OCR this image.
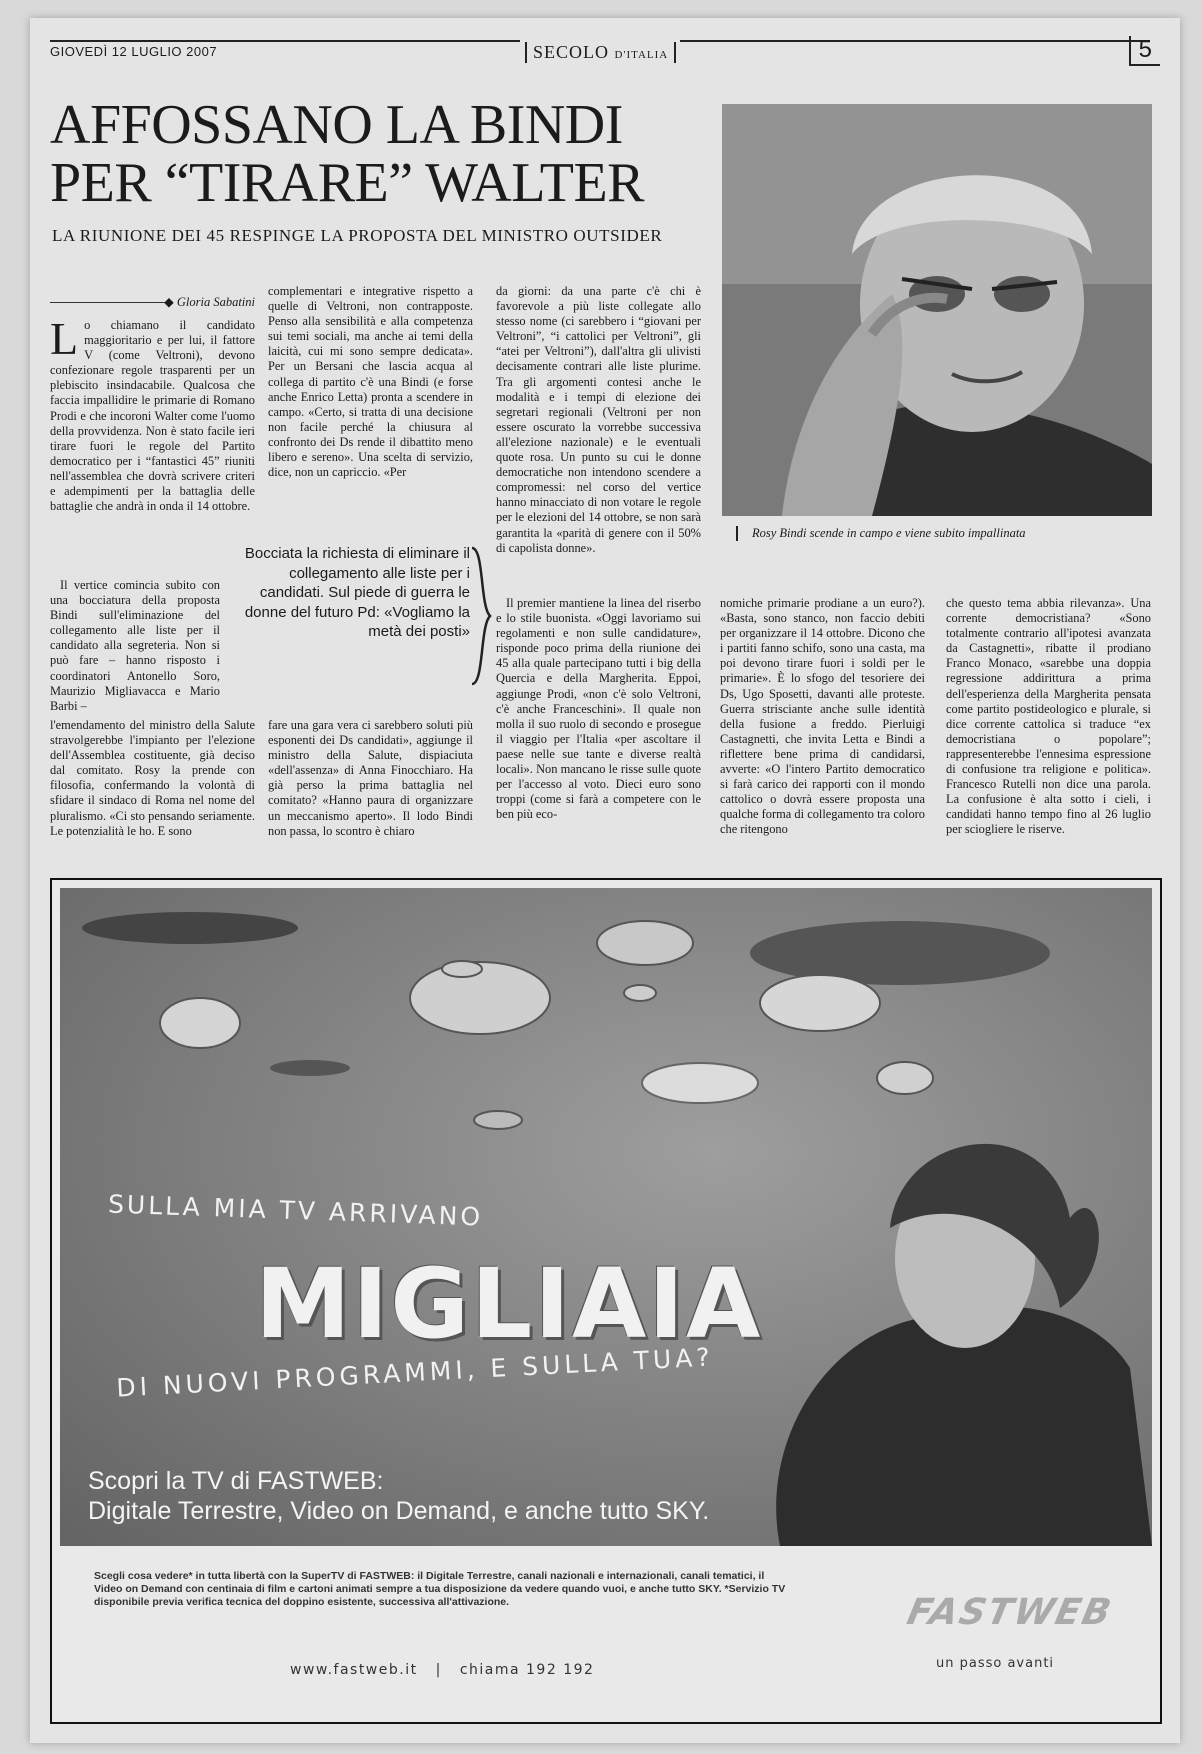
GIOVEDÌ 12 LUGLIO 2007	SECOLO D'ITALIA	5
AFFOSSANO LA BINDI
PER “TIRARE” WALTER
LA RIUNIONE DEI 45 RESPINGE LA PROPOSTA DEL MINISTRO OUTSIDER
Rosy Bindi scende in campo e viene subito impallinata
◆ Gloria Sabatini
Lo chiamano il candidato maggioritario e per lui, il fattore V (come Veltroni), devono confezionare regole trasparenti per un plebiscito insindacabile. Qualcosa che faccia impallidire le primarie di Romano Prodi e che incoroni Walter come l'uomo della provvidenza. Non è stato facile ieri tirare fuori le regole del Partito democratico per i “fantastici 45” riuniti nell'assemblea che dovrà scrivere criteri e adempimenti per la battaglia delle battaglie che andrà in onda il 14 ottobre.

Il vertice comincia subito con una bocciatura della proposta Bindi sull'eliminazione del collegamento alle liste per il candidato alla segreteria. Non si può fare – hanno risposto i coordinatori Antonello Soro, Maurizio Migliavacca e Mario Barbi –

l'emendamento del ministro della Salute stravolgerebbe l'impianto per l'elezione dell'Assemblea costituente, già deciso dal comitato. Rosy la prende con filosofia, confermando la volontà di sfidare il sindaco di Roma nel nome del pluralismo. «Ci sto pensando seriamente. Le potenzialità le ho. E sono

complementari e integrative rispetto a quelle di Veltroni, non contrapposte. Penso alla sensibilità e alla competenza sui temi sociali, ma anche ai temi della laicità, cui mi sono sempre dedicata». Per un Bersani che lascia acqua al collega di partito c'è una Bindi (e forse anche Enrico Letta) pronta a scendere in campo. «Certo, si tratta di una decisione non facile perché la chiusura al confronto dei Ds rende il dibattito meno libero e sereno». Una scelta di servizio, dice, non un capriccio. «Per

fare una gara vera ci sarebbero soluti più esponenti dei Ds candidati», aggiunge il ministro della Salute, dispiaciuta «dell'assenza» di Anna Finocchiaro. Ha già perso la prima battaglia nel comitato? «Hanno paura di organizzare un meccanismo aperto». Il lodo Bindi non passa, lo scontro è chiaro

da giorni: da una parte c'è chi è favorevole a più liste collegate allo stesso nome (ci sarebbero i “giovani per Veltroni”, “i cattolici per Veltroni”, gli “atei per Veltroni”), dall'altra gli ulivisti decisamente contrari alle liste plurime. Tra gli argomenti contesi anche le modalità e i tempi di elezione dei segretari regionali (Veltroni per non essere oscurato la vorrebbe successiva all'elezione nazionale) e le eventuali quote rosa. Un punto su cui le donne democratiche non intendono scendere a compromessi: nel corso del vertice hanno minacciato di non votare le regole per le elezioni del 14 ottobre, se non sarà garantita la «parità di genere con il 50% di capolista donne».

Il premier mantiene la linea del riserbo e lo stile buonista. «Oggi lavoriamo sui regolamenti e non sulle candidature», risponde poco prima della riunione dei 45 alla quale partecipano tutti i big della Quercia e della Margherita. Eppoi, aggiunge Prodi, «non c'è solo Veltroni, c'è anche Franceschini». Il quale non molla il suo ruolo di secondo e prosegue il viaggio per l'Italia «per ascoltare il paese nelle sue tante e diverse realtà locali». Non mancano le risse sulle quote per l'accesso al voto. Dieci euro sono troppi (come si farà a competere con le ben più eco-

nomiche primarie prodiane a un euro?). «Basta, sono stanco, non faccio debiti per organizzare il 14 ottobre. Dicono che i partiti fanno schifo, sono una casta, ma poi devono tirare fuori i soldi per le primarie». È lo sfogo del tesoriere dei Ds, Ugo Sposetti, davanti alle proteste. Guerra strisciante anche sulle identità della fusione a freddo. Pierluigi Castagnetti, che invita Letta e Bindi a riflettere bene prima di candidarsi, avverte: «O l'intero Partito democratico si farà carico dei rapporti con il mondo cattolico o dovrà essere proposta una qualche forma di collegamento tra coloro che ritengono

che questo tema abbia rilevanza». Una corrente democristiana? «Sono totalmente contrario all'ipotesi avanzata da Castagnetti», ribatte il prodiano Franco Monaco, «sarebbe una doppia regressione addirittura a prima dell'esperienza della Margherita pensata come partito postideologico e plurale, si dice corrente cattolica si traduce “ex democristiana o popolare”; rappresenterebbe l'ennesima espressione di confusione tra religione e politica». Francesco Rutelli non dice una parola. La confusione è alta sotto i cieli, i candidati hanno tempo fino al 26 luglio per sciogliere le riserve.

Bocciata la richiesta di eliminare il collegamento alle liste per i candidati. Sul piede di guerra le donne del futuro Pd: «Vogliamo la metà dei posti»
SULLA MIA TV ARRIVANO
MIGLIAIA
DI NUOVI PROGRAMMI, E SULLA TUA?
Scopri la TV di FASTWEB:
Digitale Terrestre, Video on Demand, e anche tutto SKY.
Scegli cosa vedere* in tutta libertà con la SuperTV di FASTWEB: il Digitale Terrestre, canali nazionali e internazionali, canali tematici, il Video on Demand con centinaia di film e cartoni animati sempre a tua disposizione da vedere quando vuoi, e anche tutto SKY. *Servizio TV disponibile previa verifica tecnica del doppino esistente, successiva all'attivazione.
www.fastweb.it | chiama 192 192
FASTWEB
un passo avanti
